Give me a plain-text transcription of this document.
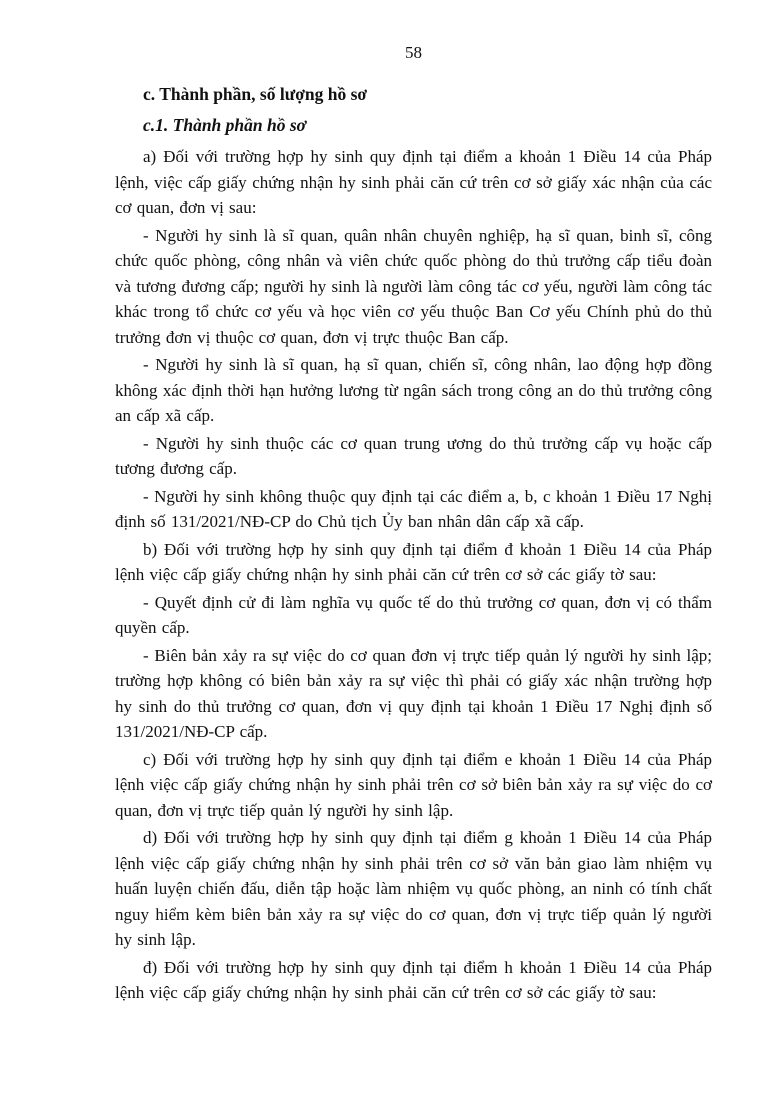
58
c. Thành phần, số lượng hồ sơ
c.1. Thành phần hồ sơ

a) Đối với trường hợp hy sinh quy định tại điểm a khoản 1 Điều 14 của Pháp lệnh, việc cấp giấy chứng nhận hy sinh phải căn cứ trên cơ sở giấy xác nhận của các cơ quan, đơn vị sau:

- Người hy sinh là sĩ quan, quân nhân chuyên nghiệp, hạ sĩ quan, binh sĩ, công chức quốc phòng, công nhân và viên chức quốc phòng do thủ trưởng cấp tiểu đoàn và tương đương cấp; người hy sinh là người làm công tác cơ yếu, người làm công tác khác trong tổ chức cơ yếu và học viên cơ yếu thuộc Ban Cơ yếu Chính phủ do thủ trưởng đơn vị thuộc cơ quan, đơn vị trực thuộc Ban cấp.

- Người hy sinh là sĩ quan, hạ sĩ quan, chiến sĩ, công nhân, lao động hợp đồng không xác định thời hạn hưởng lương từ ngân sách trong công an do thủ trưởng công an cấp xã cấp.

- Người hy sinh thuộc các cơ quan trung ương do thủ trưởng cấp vụ hoặc cấp tương đương cấp.

- Người hy sinh không thuộc quy định tại các điểm a, b, c khoản 1 Điều 17 Nghị định số 131/2021/NĐ-CP do Chủ tịch Ủy ban nhân dân cấp xã cấp.

b) Đối với trường hợp hy sinh quy định tại điểm đ khoản 1 Điều 14 của Pháp lệnh việc cấp giấy chứng nhận hy sinh phải căn cứ trên cơ sở các giấy tờ sau:

- Quyết định cử đi làm nghĩa vụ quốc tế do thủ trưởng cơ quan, đơn vị có thẩm quyền cấp.

- Biên bản xảy ra sự việc do cơ quan đơn vị trực tiếp quản lý người hy sinh lập; trường hợp không có biên bản xảy ra sự việc thì phải có giấy xác nhận trường hợp hy sinh do thủ trưởng cơ quan, đơn vị quy định tại khoản 1 Điều 17 Nghị định số 131/2021/NĐ-CP cấp.

c) Đối với trường hợp hy sinh quy định tại điểm e khoản 1 Điều 14 của Pháp lệnh việc cấp giấy chứng nhận hy sinh phải trên cơ sở biên bản xảy ra sự việc do cơ quan, đơn vị trực tiếp quản lý người hy sinh lập.

d) Đối với trường hợp hy sinh quy định tại điểm g khoản 1 Điều 14 của Pháp lệnh việc cấp giấy chứng nhận hy sinh phải trên cơ sở văn bản giao làm nhiệm vụ huấn luyện chiến đấu, diễn tập hoặc làm nhiệm vụ quốc phòng, an ninh có tính chất nguy hiểm kèm biên bản xảy ra sự việc do cơ quan, đơn vị trực tiếp quản lý người hy sinh lập.

đ) Đối với trường hợp hy sinh quy định tại điểm h khoản 1 Điều 14 của Pháp lệnh việc cấp giấy chứng nhận hy sinh phải căn cứ trên cơ sở các giấy tờ sau:
